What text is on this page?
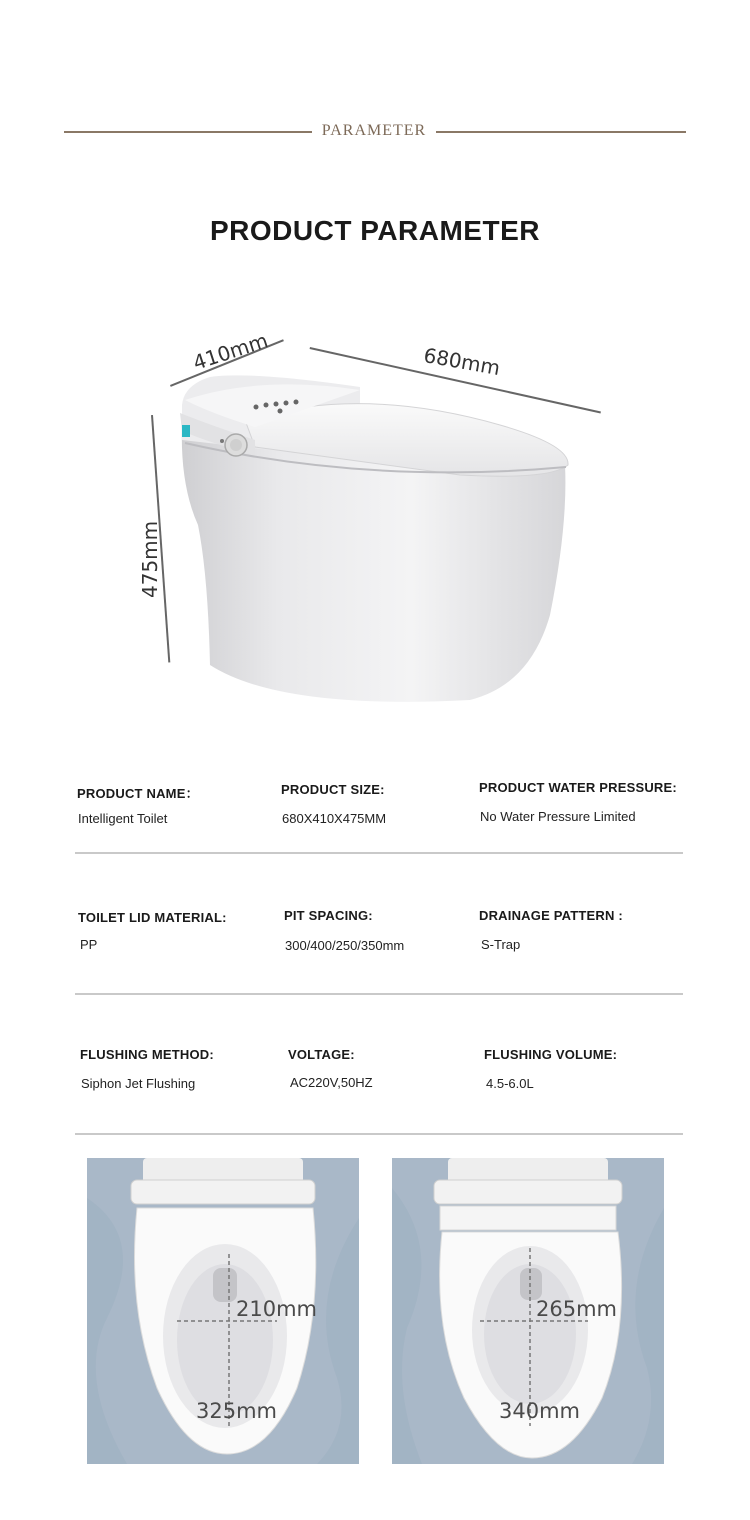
PARAMETER
PRODUCT PARAMETER
410mm	680mm
475mm
PRODUCT NAME：
Intelligent Toilet
PRODUCT SIZE:
680X410X475MM
PRODUCT WATER PRESSURE:
No Water Pressure Limited
TOILET LID MATERIAL:
PP
PIT SPACING:
300/400/250/350mm
DRAINAGE PATTERN :
S-Trap
FLUSHING METHOD:
Siphon Jet Flushing
VOLTAGE:
AC220V,50HZ
FLUSHING VOLUME:
4.5-6.0L
210mm
325mm
265mm
340mm
